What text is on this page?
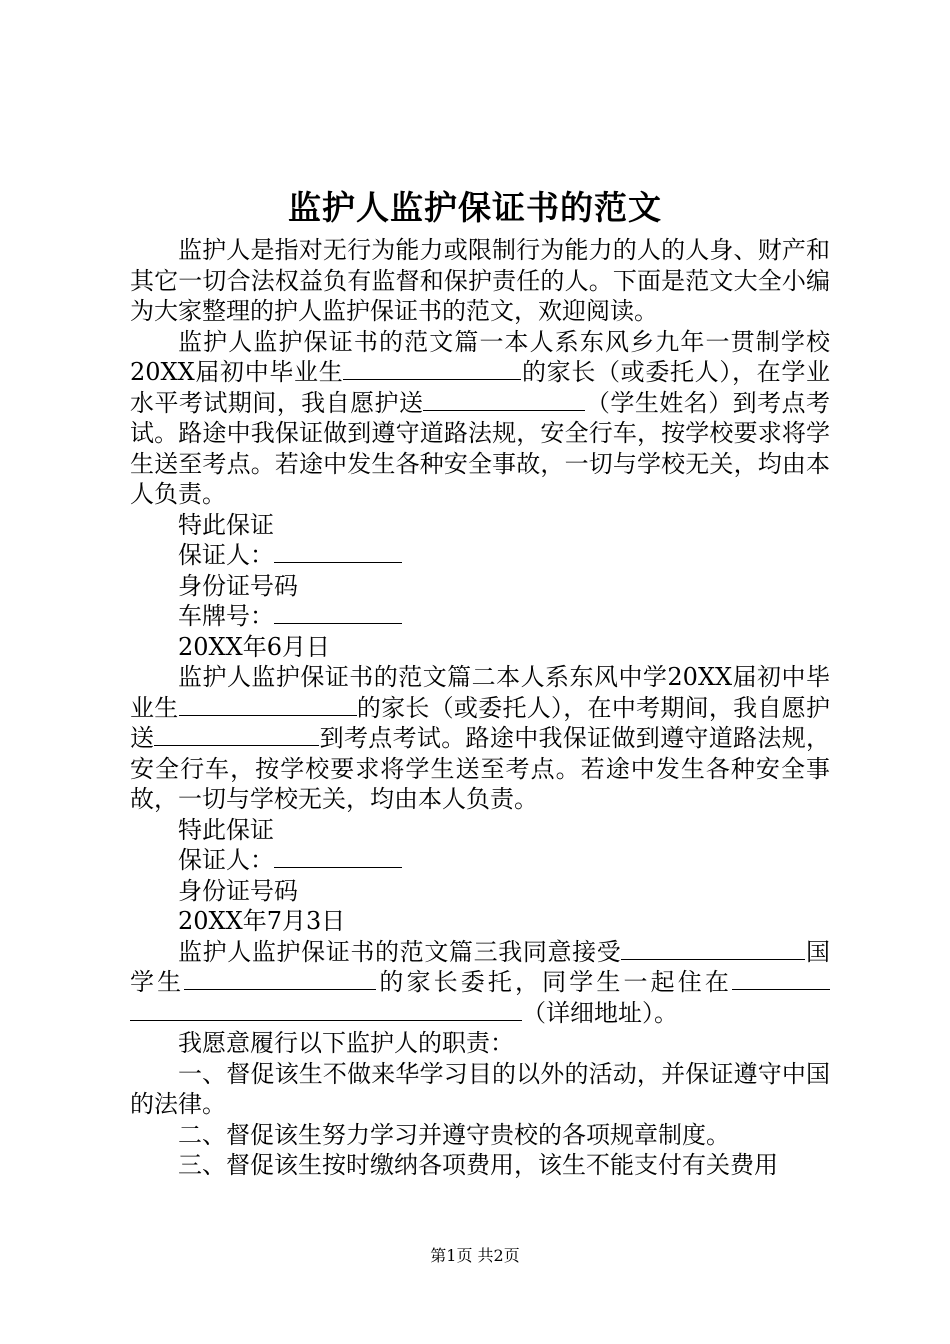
监护人监护保证书的范文

监护人是指对无行为能力或限制行为能力的人的人身、财产和其它一切合法权益负有监督和保护责任的人。下面是范文大全小编为大家整理的护人监护保证书的范文，欢迎阅读。

监护人监护保证书的范文篇一本人系东风乡九年一贯制学校20XX届初中毕业生	的家长（或委托人），在学业水平考试期间，我自愿护送	（学生姓名）到考点考试。路途中我保证做到遵守道路法规，安全行车，按学校要求将学生送至考点。若途中发生各种安全事故，一切与学校无关，均由本人负责。

特此保证

保证人：

身份证号码

车牌号：

20XX年6月日

监护人监护保证书的范文篇二本人系东风中学20XX届初中毕业生	的家长（或委托人），在中考期间，我自愿护送	到考点考试。路途中我保证做到遵守道路法规，安全行车，按学校要求将学生送至考点。若途中发生各种安全事故，一切与学校无关，均由本人负责。

特此保证

保证人：

身份证号码

20XX年7月3日

监护人监护保证书的范文篇三我同意接受	国学生	的家长委托，同学生一起住在（详细地址）。

我愿意履行以下监护人的职责：

一、督促该生不做来华学习目的以外的活动，并保证遵守中国的法律。

二、督促该生努力学习并遵守贵校的各项规章制度。

三、督促该生按时缴纳各项费用，该生不能支付有关费用

第1页 共2页
